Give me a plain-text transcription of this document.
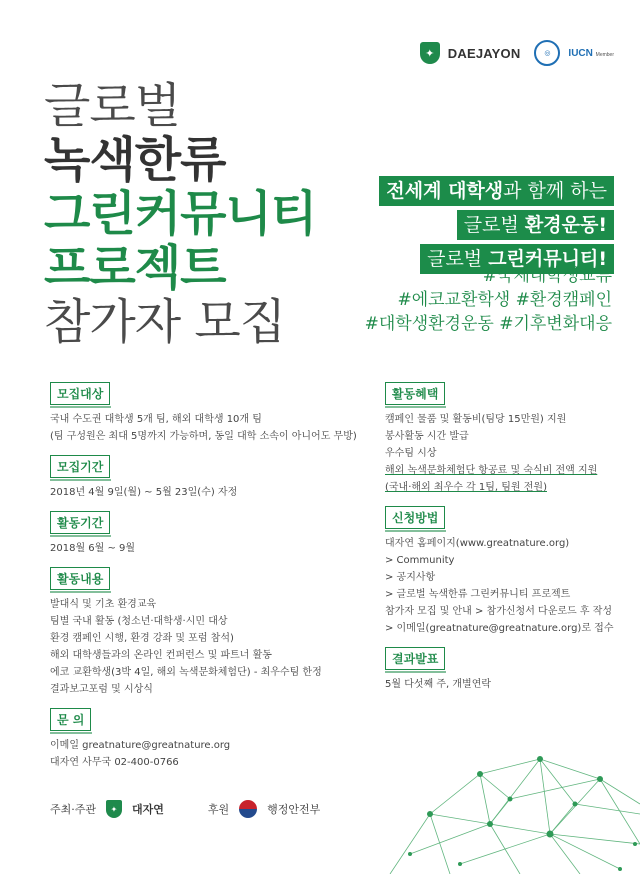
✦	DAEJAYON	◎	IUCN Member
글로벌
녹색한류
그린커뮤니티
프로젝트
참가자 모집
전세계 대학생과 함께 하는
글로벌 환경운동!
글로벌 그린커뮤니티!
#국제대학생교류
#에코교환학생 #환경캠페인
#대학생환경운동 #기후변화대응
모집대상
국내 수도권 대학생 5개 팀, 해외 대학생 10개 팀
(팀 구성원은 최대 5명까지 가능하며, 동일 대학 소속이 아니어도 무방)
모집기간
2018년 4월 9일(월) ~ 5월 23일(수) 자정
활동기간
2018월 6월 ~ 9월
활동내용
발대식 및 기초 환경교육
팀별 국내 활동 (청소년·대학생·시민 대상
환경 캠페인 시행, 환경 강좌 및 포럼 참석)
해외 대학생들과의 온라인 컨퍼런스 및 파트너 활동
에코 교환학생(3박 4일, 해외 녹색문화체험단) - 최우수팀 한정
결과보고포럼 및 시상식
문 의
이메일 greatnature@greatnature.org
대자연 사무국 02-400-0766
활동혜택
캠페인 물품 및 활동비(팀당 15만원) 지원
봉사활동 시간 발급
우수팀 시상
해외 녹색문화체험단 항공료 및 숙식비 전액 지원
(국내·해외 최우수 각 1팀, 팀원 전원)
신청방법
대자연 홈페이지(www.greatnature.org)
> Community
> 공지사항
> 글로벌 녹색한류 그린커뮤니티 프로젝트
참가자 모집 및 안내 > 참가신청서 다운로드 후 작성
> 이메일(greatnature@greatnature.org)로 접수
결과발표
5월 다섯째 주, 개별연락
주최·주관	✦	대자연	후원	행정안전부
